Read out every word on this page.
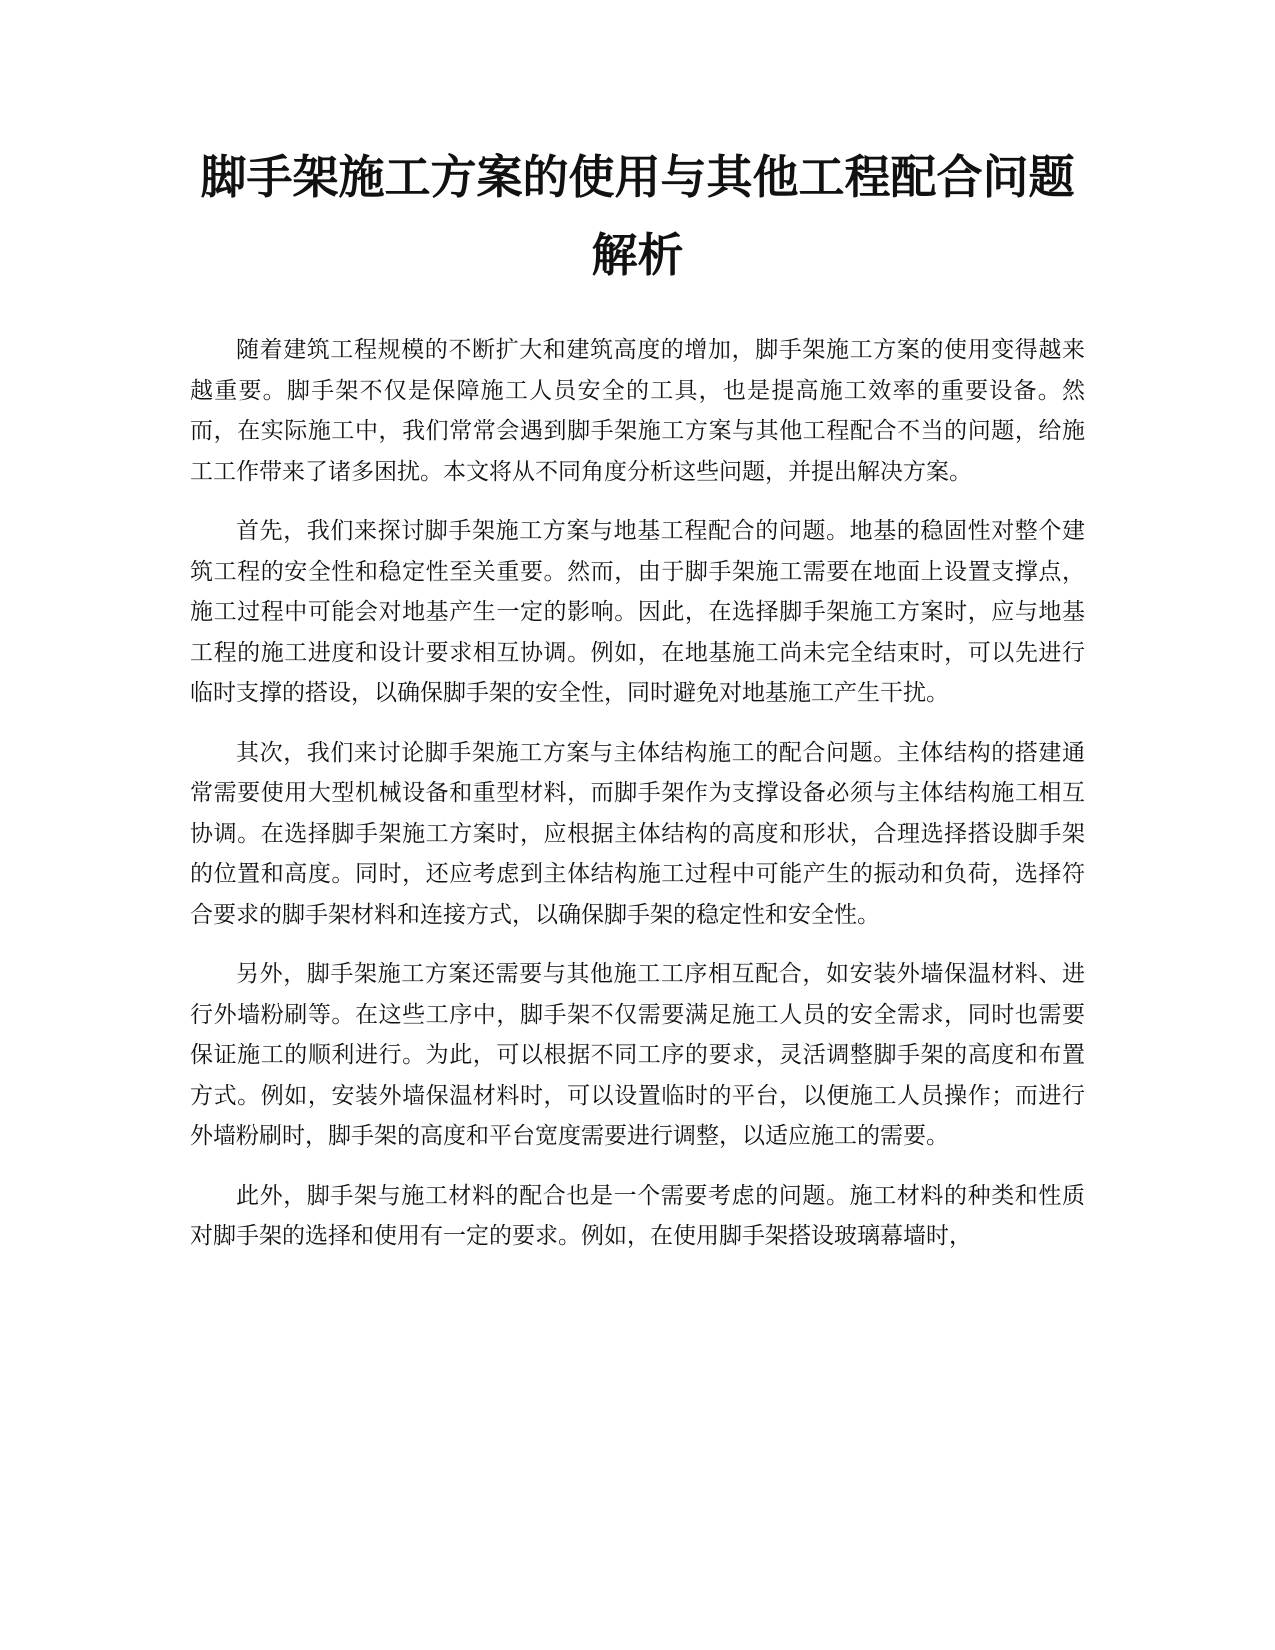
脚手架施工方案的使用与其他工程配合问题
解析

随着建筑工程规模的不断扩大和建筑高度的增加，脚手架施工方案的使用变得越来越重要。脚手架不仅是保障施工人员安全的工具，也是提高施工效率的重要设备。然而，在实际施工中，我们常常会遇到脚手架施工方案与其他工程配合不当的问题，给施工工作带来了诸多困扰。本文将从不同角度分析这些问题，并提出解决方案。

首先，我们来探讨脚手架施工方案与地基工程配合的问题。地基的稳固性对整个建筑工程的安全性和稳定性至关重要。然而，由于脚手架施工需要在地面上设置支撑点，施工过程中可能会对地基产生一定的影响。因此，在选择脚手架施工方案时，应与地基工程的施工进度和设计要求相互协调。例如，在地基施工尚未完全结束时，可以先进行临时支撑的搭设，以确保脚手架的安全性，同时避免对地基施工产生干扰。

其次，我们来讨论脚手架施工方案与主体结构施工的配合问题。主体结构的搭建通常需要使用大型机械设备和重型材料，而脚手架作为支撑设备必须与主体结构施工相互协调。在选择脚手架施工方案时，应根据主体结构的高度和形状，合理选择搭设脚手架的位置和高度。同时，还应考虑到主体结构施工过程中可能产生的振动和负荷，选择符合要求的脚手架材料和连接方式，以确保脚手架的稳定性和安全性。

另外，脚手架施工方案还需要与其他施工工序相互配合，如安装外墙保温材料、进行外墙粉刷等。在这些工序中，脚手架不仅需要满足施工人员的安全需求，同时也需要保证施工的顺利进行。为此，可以根据不同工序的要求，灵活调整脚手架的高度和布置方式。例如，安装外墙保温材料时，可以设置临时的平台，以便施工人员操作；而进行外墙粉刷时，脚手架的高度和平台宽度需要进行调整，以适应施工的需要。

此外，脚手架与施工材料的配合也是一个需要考虑的问题。施工材料的种类和性质对脚手架的选择和使用有一定的要求。例如，在使用脚手架搭设玻璃幕墙时，
